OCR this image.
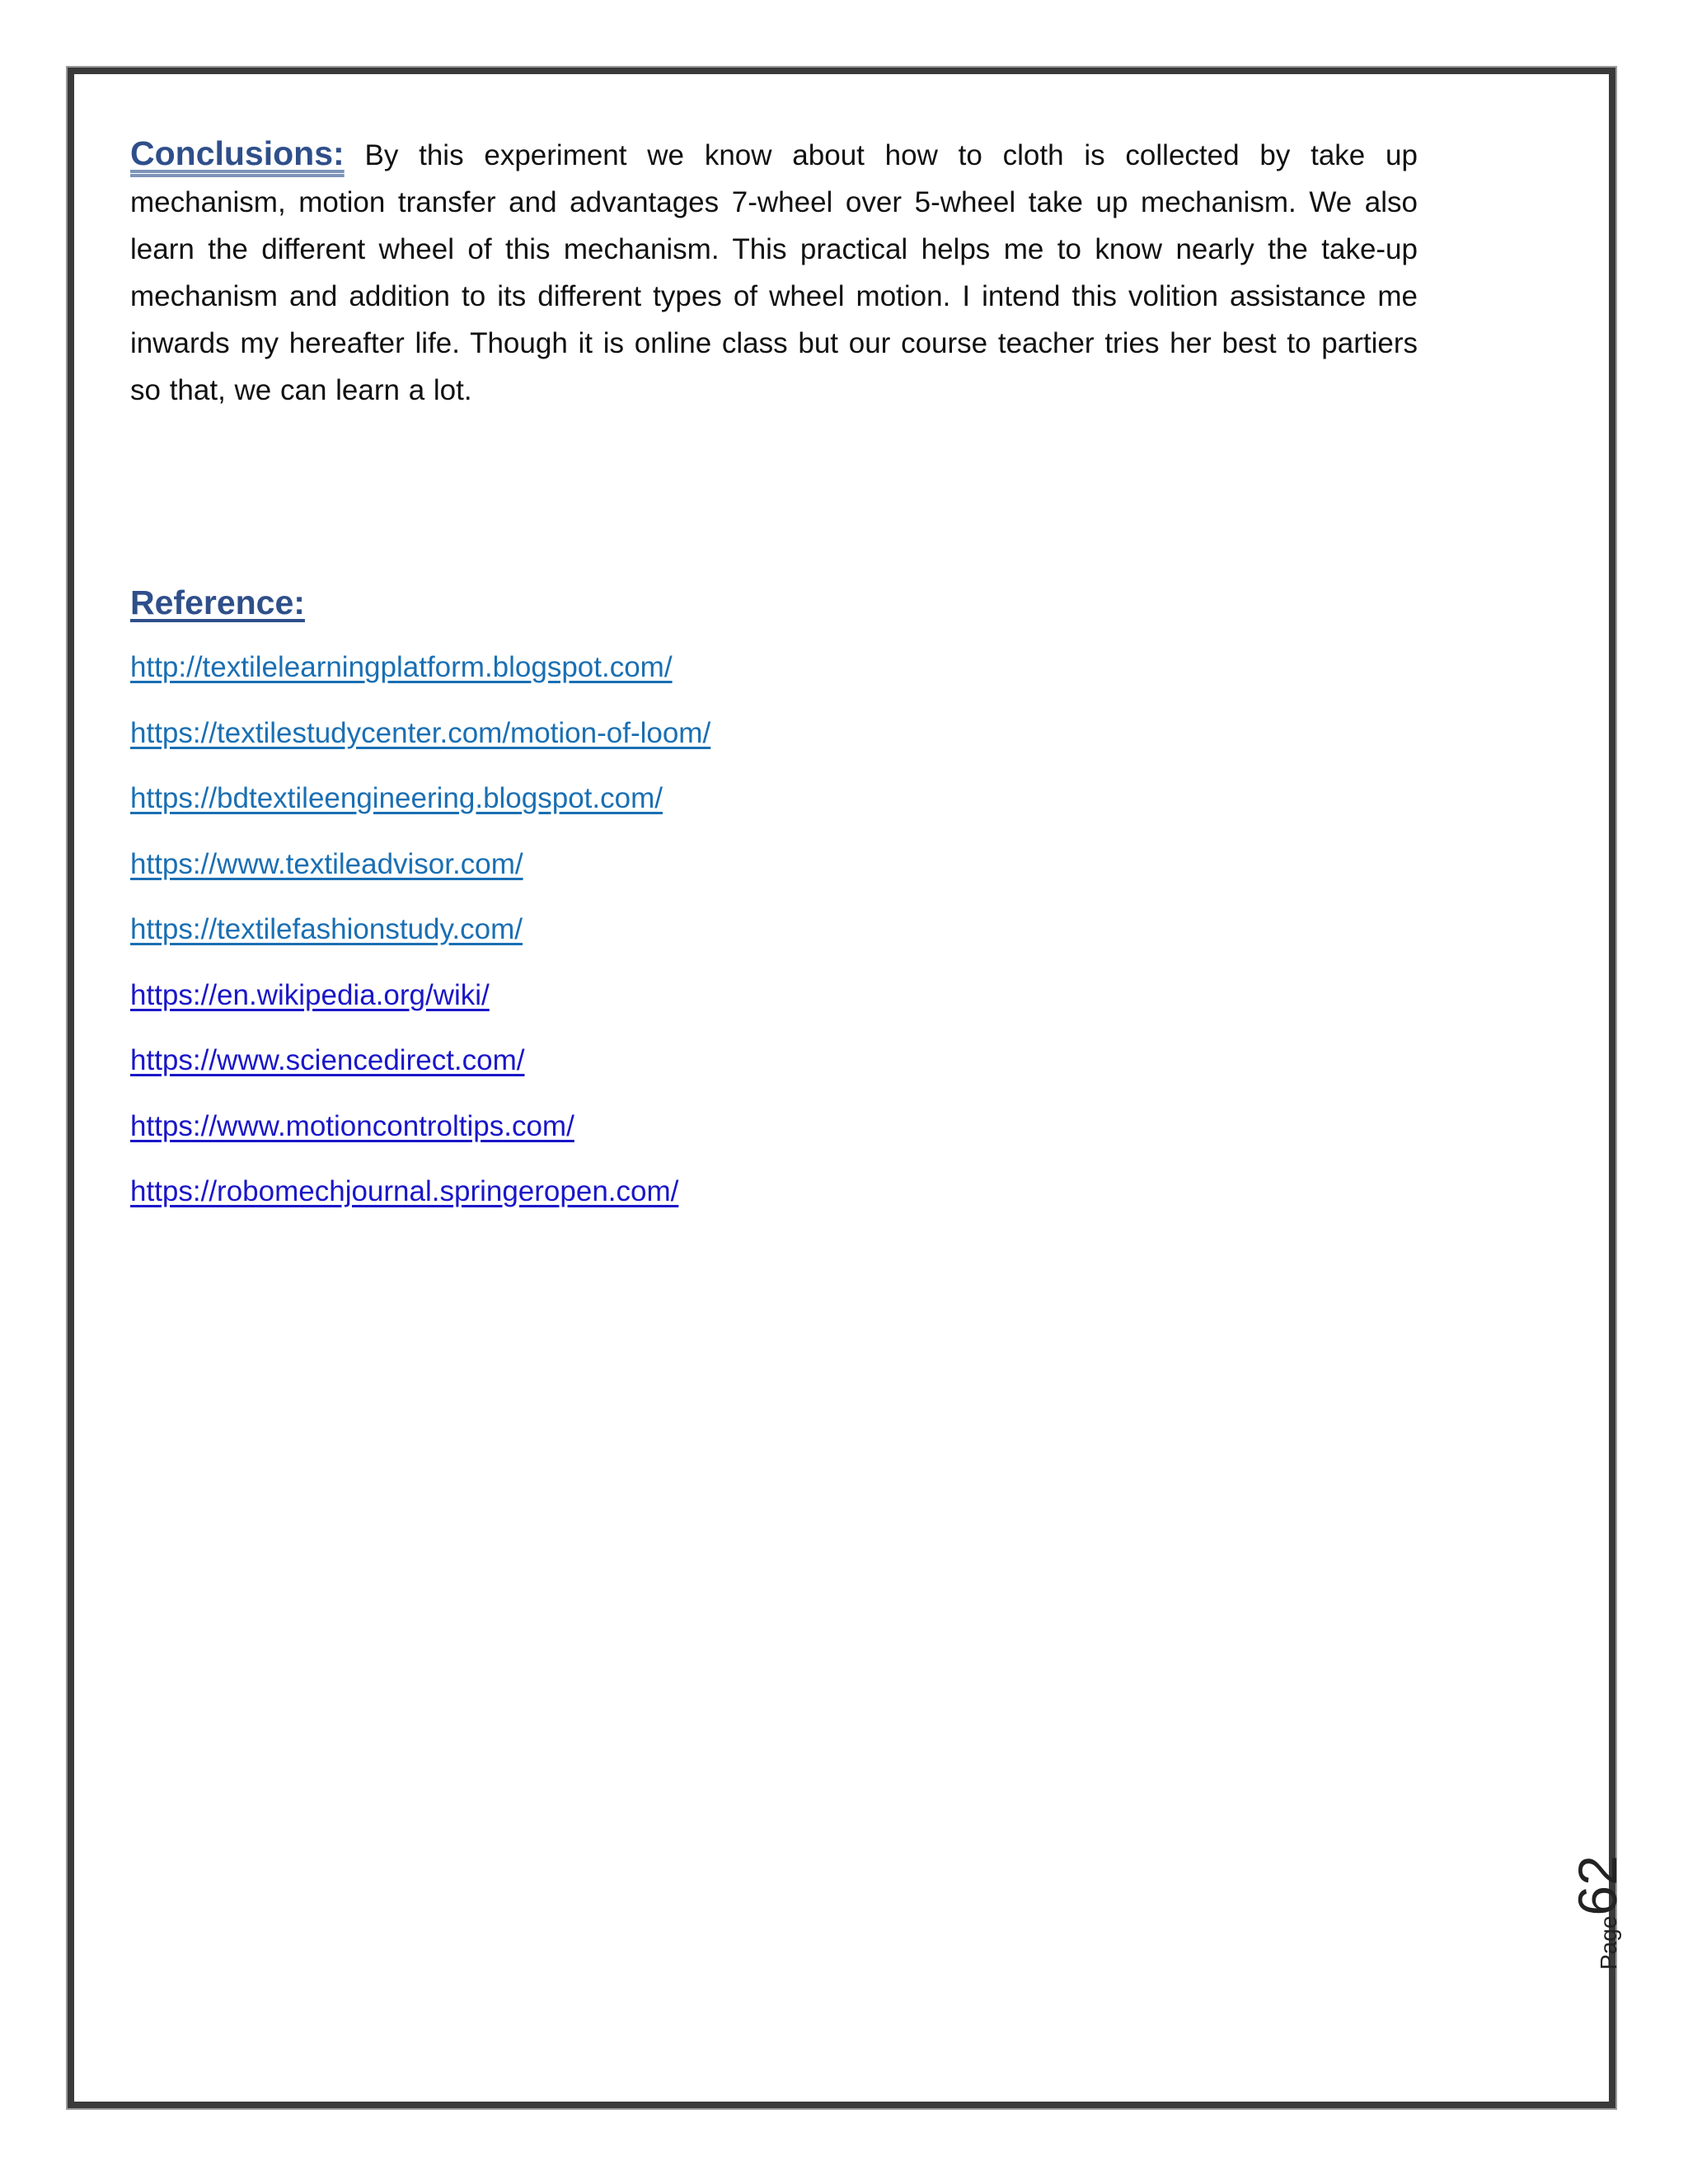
Conclusions: By this experiment we know about how to cloth is collected by take up mechanism, motion transfer and advantages 7-wheel over 5-wheel take up mechanism. We also learn the different wheel of this mechanism. This practical helps me to know nearly the take-up mechanism and addition to its different types of wheel motion. I intend this volition assistance me inwards my hereafter life. Though it is online class but our course teacher tries her best to partiers so that, we can learn a lot.

Reference:
http://textilelearningplatform.blogspot.com/
https://textilestudycenter.com/motion-of-loom/
https://bdtextileengineering.blogspot.com/
https://www.textileadvisor.com/
https://textilefashionstudy.com/
https://en.wikipedia.org/wiki/
https://www.sciencedirect.com/
https://www.motioncontroltips.com/
https://robomechjournal.springeropen.com/
Page62
